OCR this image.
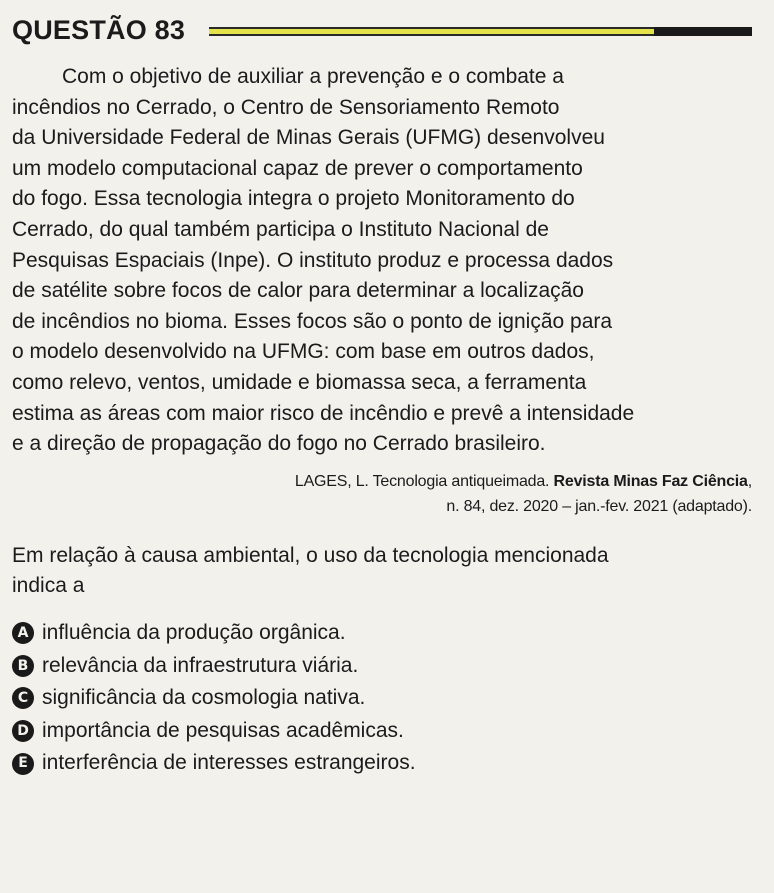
QUESTÃO 83
Com o objetivo de auxiliar a prevenção e o combate a
incêndios no Cerrado, o Centro de Sensoriamento Remoto
da Universidade Federal de Minas Gerais (UFMG) desenvolveu
um modelo computacional capaz de prever o comportamento
do fogo. Essa tecnologia integra o projeto Monitoramento do
Cerrado, do qual também participa o Instituto Nacional de
Pesquisas Espaciais (Inpe). O instituto produz e processa dados
de satélite sobre focos de calor para determinar a localização
de incêndios no bioma. Esses focos são o ponto de ignição para
o modelo desenvolvido na UFMG: com base em outros dados,
como relevo, ventos, umidade e biomassa seca, a ferramenta
estima as áreas com maior risco de incêndio e prevê a intensidade
e a direção de propagação do fogo no Cerrado brasileiro.
LAGES, L. Tecnologia antiqueimada. Revista Minas Faz Ciência,
n. 84, dez. 2020 – jan.-fev. 2021 (adaptado).
Em relação à causa ambiental, o uso da tecnologia mencionada
indica a
A influência da produção orgânica.
B relevância da infraestrutura viária.
C significância da cosmologia nativa.
D importância de pesquisas acadêmicas.
E interferência de interesses estrangeiros.
